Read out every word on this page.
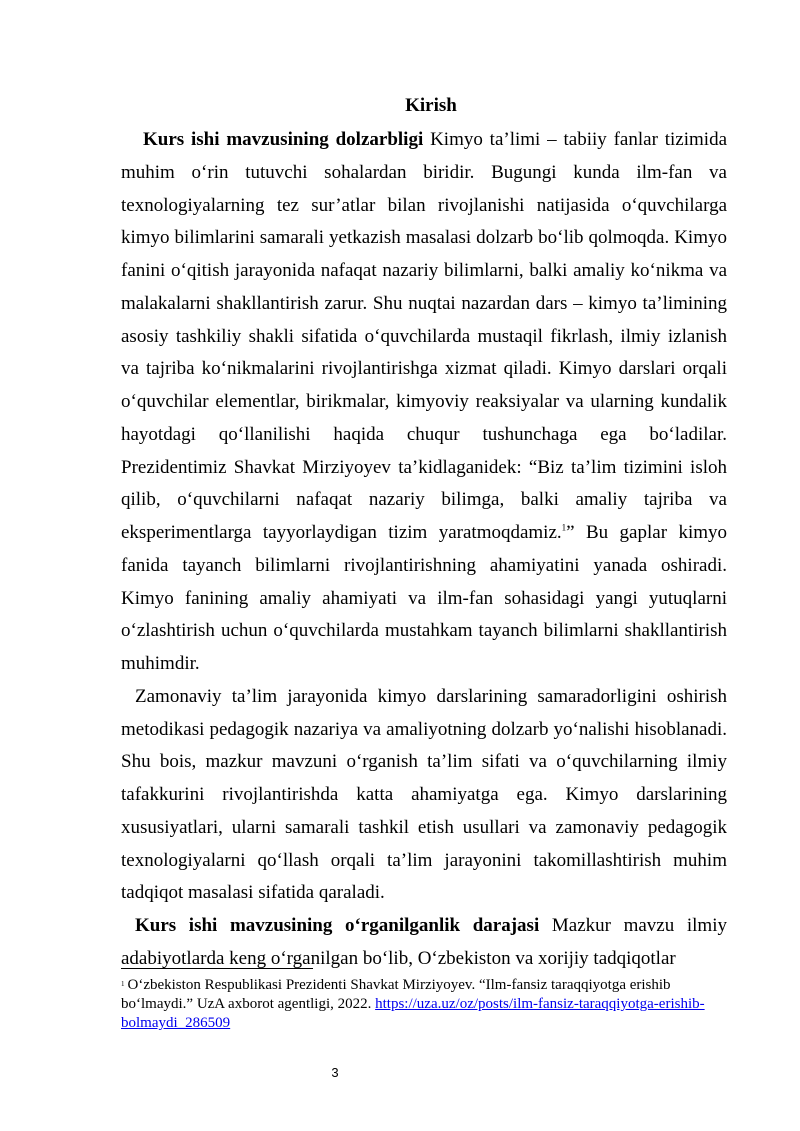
Kirish

Kurs ishi mavzusining dolzarbligi Kimyo ta’limi – tabiiy fanlar tizimida muhim o‘rin tutuvchi sohalardan biridir. Bugungi kunda ilm-fan va texnologiyalarning tez sur’atlar bilan rivojlanishi natijasida o‘quvchilarga kimyo bilimlarini samarali yetkazish masalasi dolzarb bo‘lib qolmoqda. Kimyo fanini o‘qitish jarayonida nafaqat nazariy bilimlarni, balki amaliy ko‘nikma va malakalarni shakllantirish zarur. Shu nuqtai nazardan dars – kimyo ta’limining asosiy tashkiliy shakli sifatida o‘quvchilarda mustaqil fikrlash, ilmiy izlanish va tajriba ko‘nikmalarini rivojlantirishga xizmat qiladi. Kimyo darslari orqali o‘quvchilar elementlar, birikmalar, kimyoviy reaksiyalar va ularning kundalik hayotdagi qo‘llanilishi haqida chuqur tushunchaga ega bo‘ladilar. Prezidentimiz Shavkat Mirziyoyev ta’kidlaganidek: “Biz ta’lim tizimini isloh qilib, o‘quvchilarni nafaqat nazariy bilimga, balki amaliy tajriba va eksperimentlarga tayyorlaydigan tizim yaratmoqdamiz.$^1$” Bu gaplar kimyo fanida tayanch bilimlarni rivojlantirishning ahamiyatini yanada oshiradi. Kimyo fanining amaliy ahamiyati va ilm-fan sohasidagi yangi yutuqlarni o‘zlashtirish uchun o‘quvchilarda mustahkam tayanch bilimlarni shakllantirish muhimdir.

Zamonaviy ta’lim jarayonida kimyo darslarining samaradorligini oshirish metodikasi pedagogik nazariya va amaliyotning dolzarb yo‘nalishi hisoblanadi. Shu bois, mazkur mavzuni o‘rganish ta’lim sifati va o‘quvchilarning ilmiy tafakkurini rivojlantirishda katta ahamiyatga ega. Kimyo darslarining xususiyatlari, ularni samarali tashkil etish usullari va zamonaviy pedagogik texnologiyalarni qo‘llash orqali ta’lim jarayonini takomillashtirish muhim tadqiqot masalasi sifatida qaraladi.

Kurs ishi mavzusining o‘rganilganlik darajasi Mazkur mavzu ilmiy adabiyotlarda keng o‘rganilgan bo‘lib, O‘zbekiston va xorijiy tadqiqotlar

$^1$ O‘zbekiston Respublikasi Prezidenti Shavkat Mirziyoyev. “Ilm-fansiz taraqqiyotga erishib bo‘lmaydi.” UzA axborot agentligi, 2022. https://uza.uz/oz/posts/ilm-fansiz-taraqqiyotga-erishib-bolmaydi_286509
3
